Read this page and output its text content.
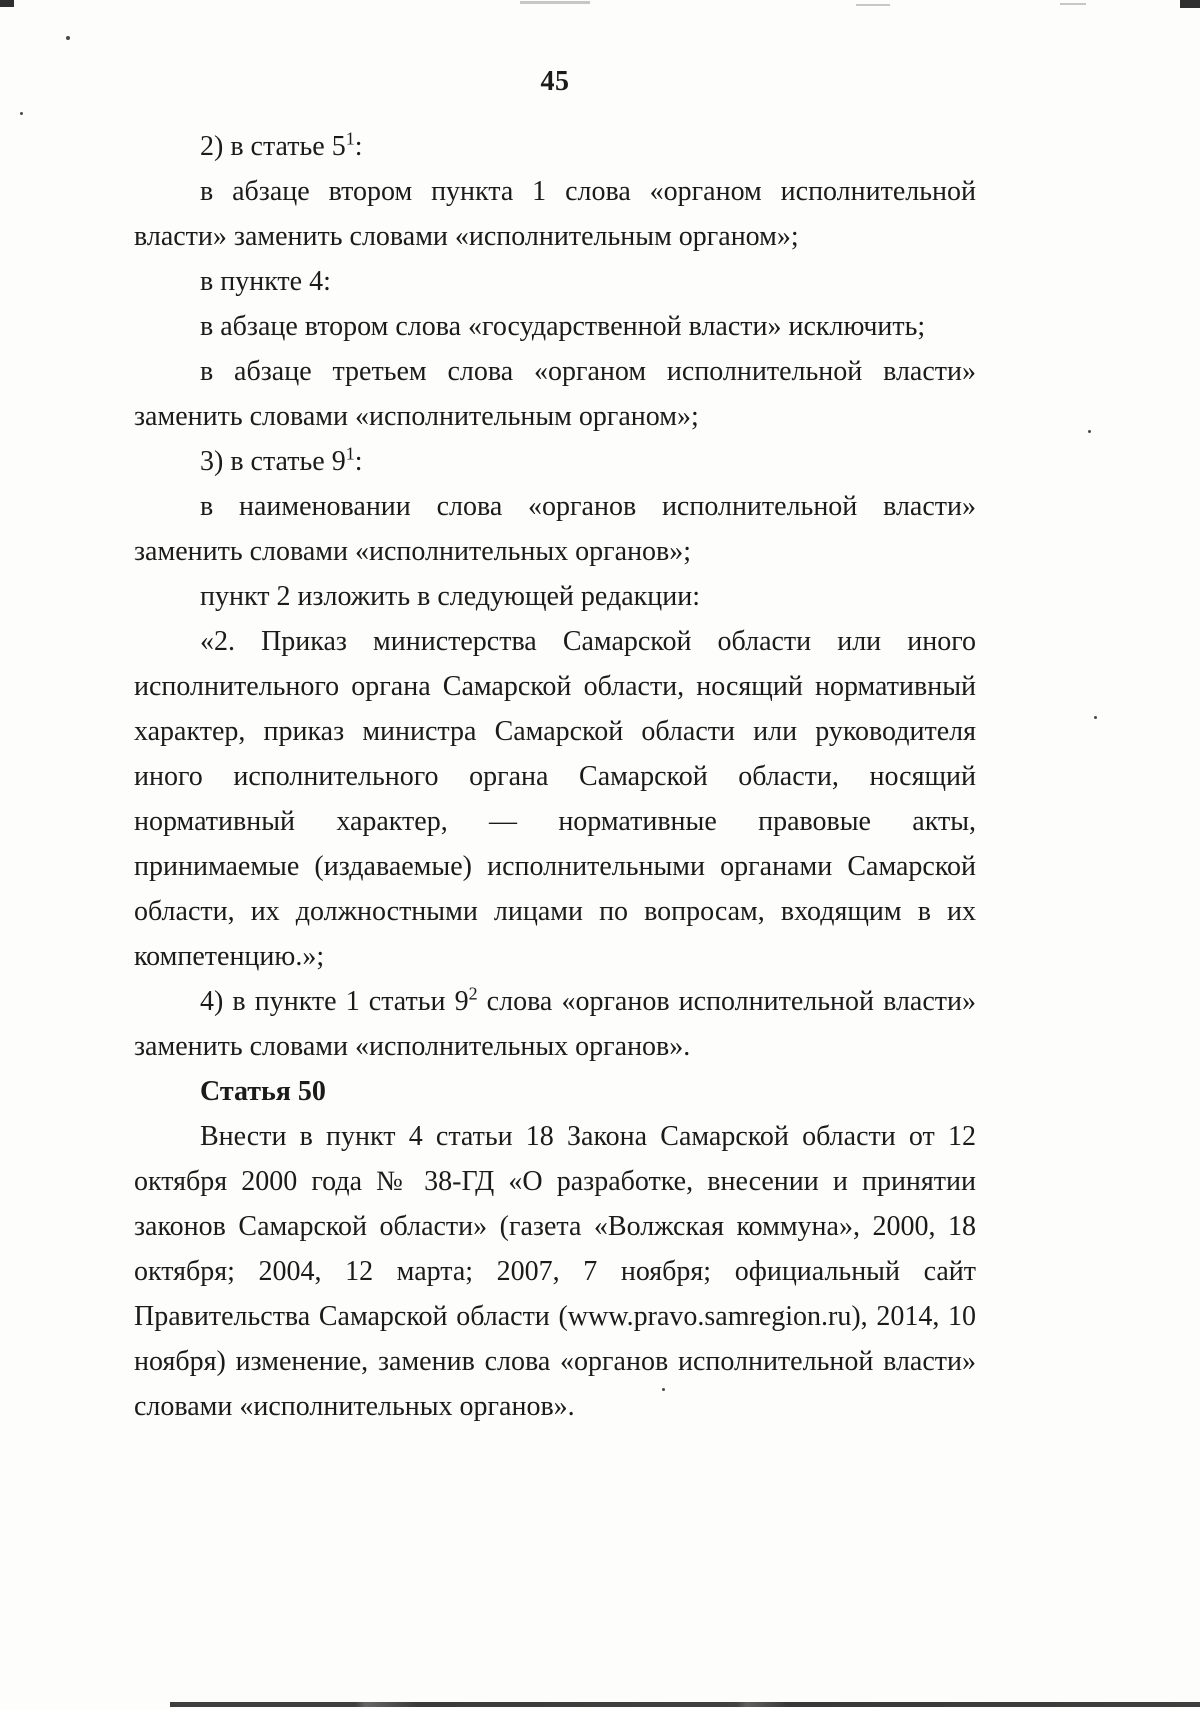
45

2) в статье $5^1$:

в абзаце втором пункта 1 слова «органом исполнительной власти» заменить словами «исполнительным органом»;

в пункте 4:

в абзаце втором слова «государственной власти» исключить;

в абзаце третьем слова «органом исполнительной власти» заменить словами «исполнительным органом»;

3) в статье $9^1$:

в наименовании слова «органов исполнительной власти» заменить словами «исполнительных органов»;

пункт 2 изложить в следующей редакции:

«2. Приказ министерства Самарской области или иного исполнительного органа Самарской области, носящий нормативный характер, приказ министра Самарской области или руководителя иного исполнительного органа Самарской области, носящий нормативный характер, — нормативные правовые акты, принимаемые (издаваемые) исполнительными органами Самарской области, их должностными лицами по вопросам, входящим в их компетенцию.»;

4) в пункте 1 статьи $9^2$ слова «органов исполнительной власти» заменить словами «исполнительных органов».

Статья 50

Внести в пункт 4 статьи 18 Закона Самарской области от 12 октября 2000 года № 38-ГД «О разработке, внесении и принятии законов Самарской области» (газета «Волжская коммуна», 2000, 18 октября; 2004, 12 марта; 2007, 7 ноября; официальный сайт Правительства Самарской области (www.pravo.samregion.ru), 2014, 10 ноября) изменение, заменив слова «органов исполнительной власти» словами «исполнительных органов».
